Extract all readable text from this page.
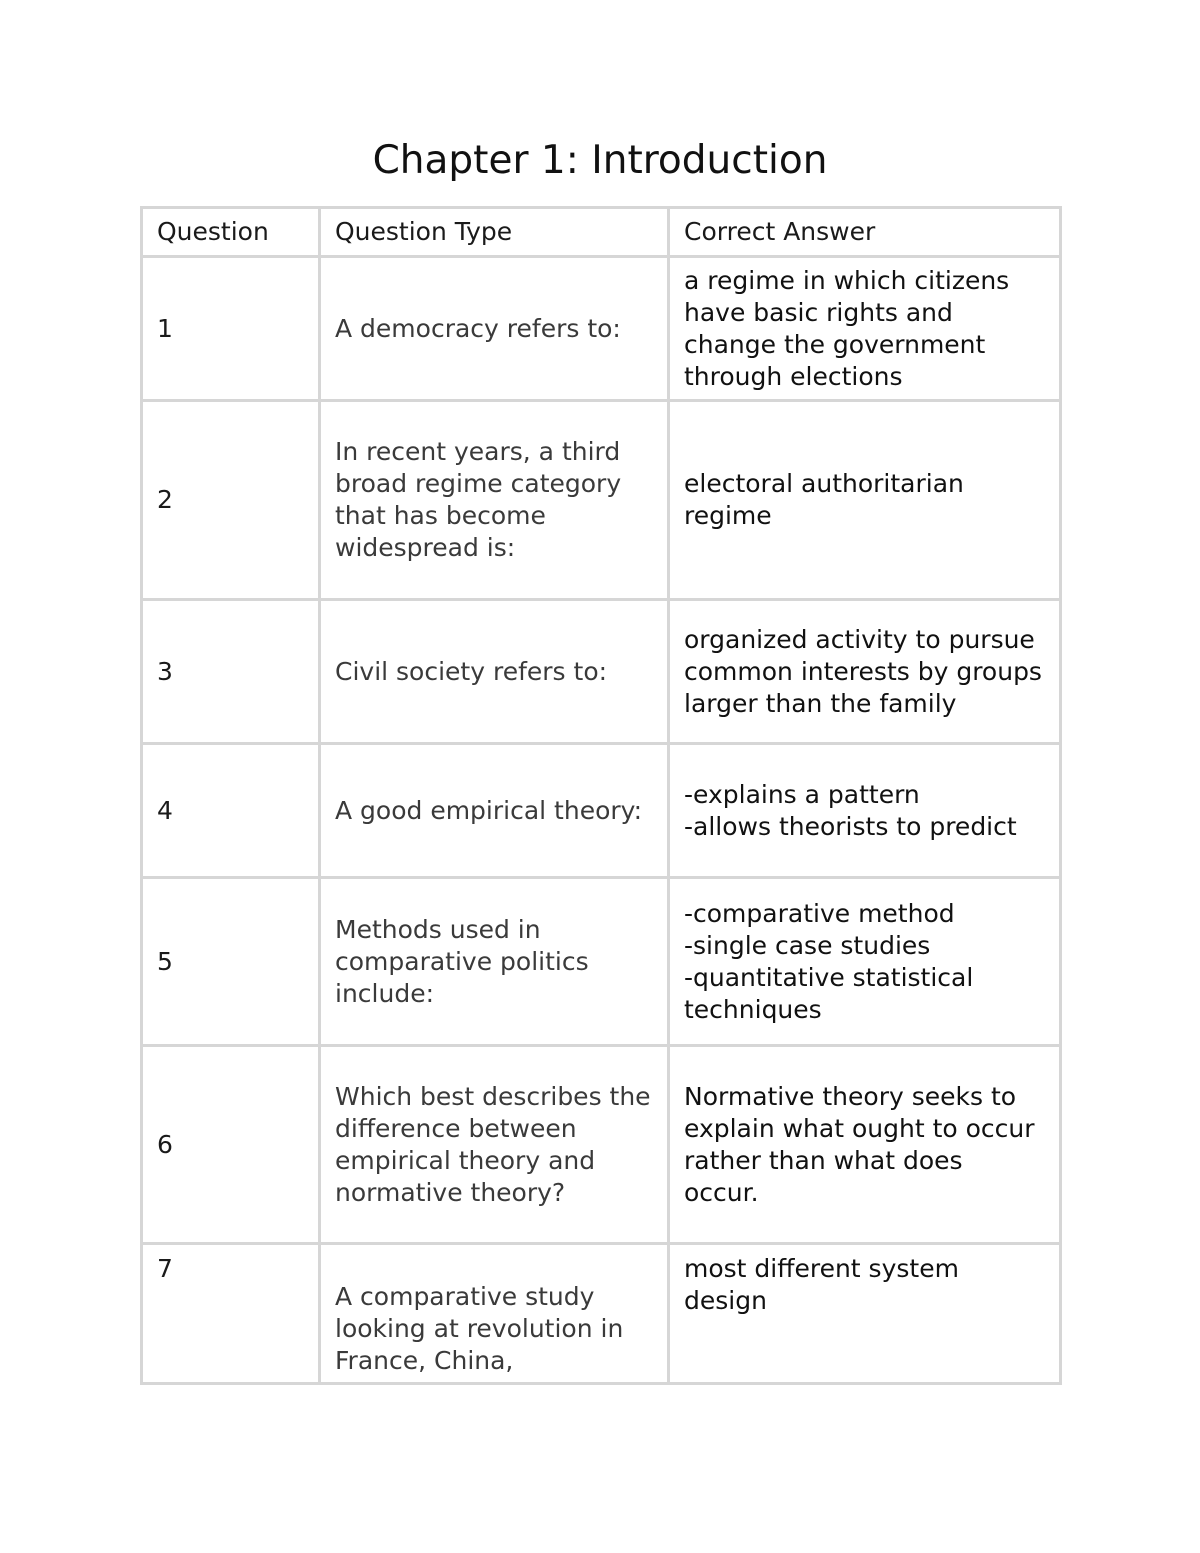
Chapter 1: Introduction
Question	Question Type	Correct Answer
1	A democracy refers to:	a regime in which citizens have basic rights and change the government through elections

2	In recent years, a third broad regime category that has become widespread is:	electoral authoritarian regime

3	Civil society refers to:	organized activity to pursue common interests by groups larger than the family

4	A good empirical theory:	-explains a pattern
-allows theorists to predict

5	Methods used in comparative politics include:	-comparative method
-single case studies
-quantitative statistical techniques

6	Which best describes the difference between empirical theory and normative theory?	Normative theory seeks to explain what ought to occur rather than what does occur.

7	A comparative study looking at revolution in France, China,	most different system design
